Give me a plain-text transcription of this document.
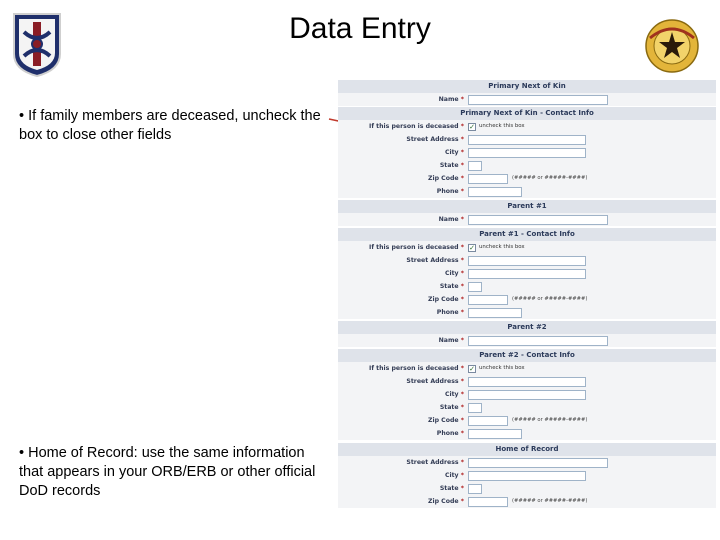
Data Entry
• If family members are deceased, uncheck the box to close other fields
• Home of Record: use the same information that appears in your ORB/ERB or other official DoD records
Primary Next of Kin
Name *
Primary Next of Kin - Contact Info
If this person is deceased * ✓ uncheck this box
Street Address *
City *
State *
Zip Code *	(##### or #####-####)
Phone *
Parent #1
Name *
Parent #1 - Contact Info
If this person is deceased * ✓ uncheck this box
Street Address *
City *
State *
Zip Code *	(##### or #####-####)
Phone *
Parent #2
Name *
Parent #2 - Contact Info
If this person is deceased * ✓ uncheck this box
Street Address *
City *
State *
Zip Code *	(##### or #####-####)
Phone *
Home of Record
Street Address *
City *
State *
Zip Code *	(##### or #####-####)
